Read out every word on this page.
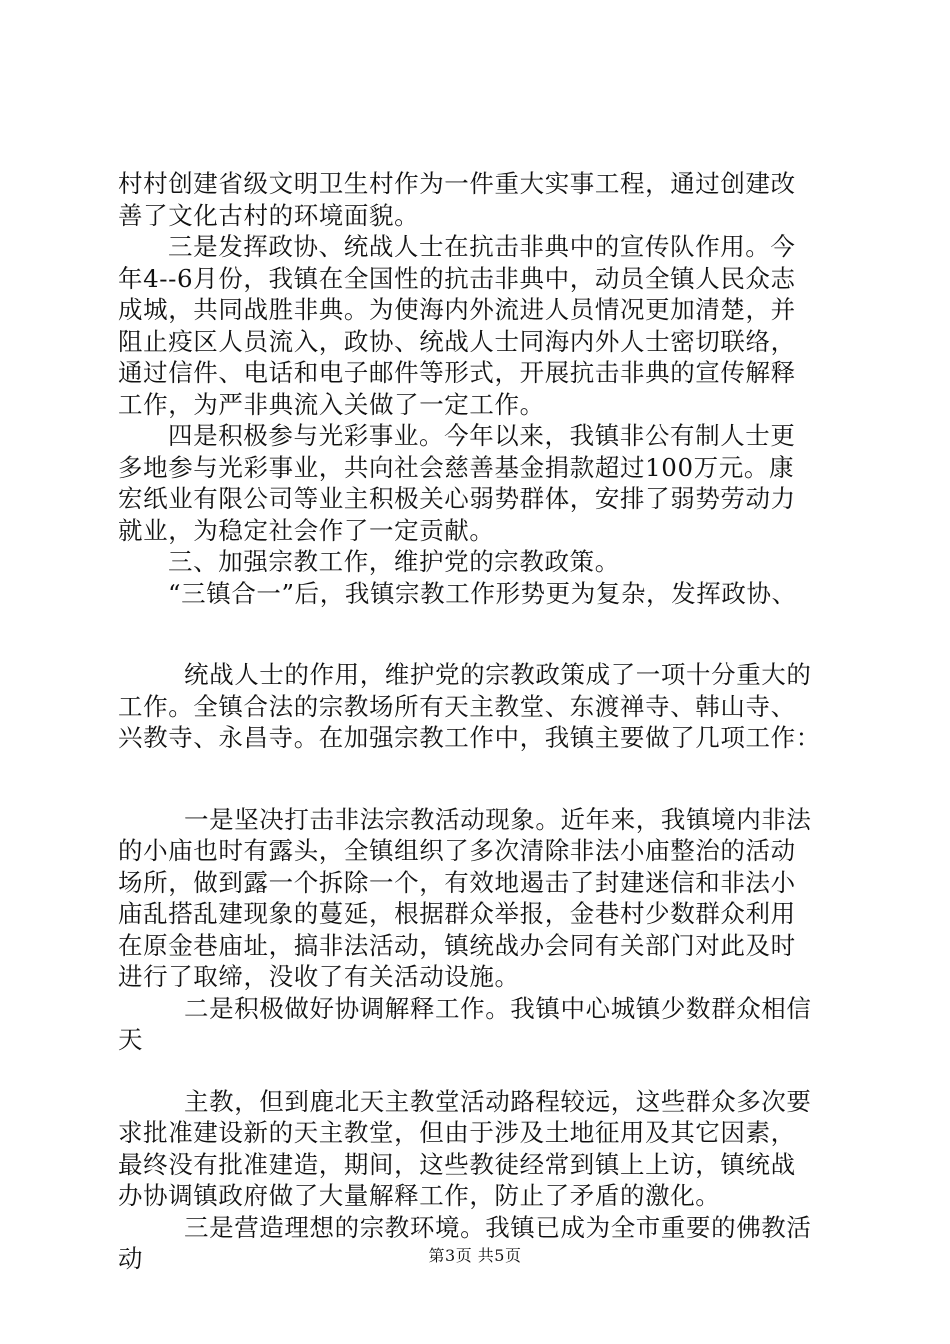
村村创建省级文明卫生村作为一件重大实事工程，通过创建改
善了文化古村的环境面貌。
三是发挥政协、统战人士在抗击非典中的宣传队作用。今
年4--6月份，我镇在全国性的抗击非典中，动员全镇人民众志
成城，共同战胜非典。为使海内外流进人员情况更加清楚，并
阻止疫区人员流入，政协、统战人士同海内外人士密切联络，
通过信件、电话和电子邮件等形式，开展抗击非典的宣传解释
工作，为严非典流入关做了一定工作。
四是积极参与光彩事业。今年以来，我镇非公有制人士更
多地参与光彩事业，共向社会慈善基金捐款超过100万元。康
宏纸业有限公司等业主积极关心弱势群体，安排了弱势劳动力
就业，为稳定社会作了一定贡献。
三、加强宗教工作，维护党的宗教政策。
“三镇合一”后，我镇宗教工作形势更为复杂，发挥政协、
统战人士的作用，维护党的宗教政策成了一项十分重大的
工作。全镇合法的宗教场所有天主教堂、东渡禅寺、韩山寺、
兴教寺、永昌寺。在加强宗教工作中，我镇主要做了几项工作：
一是坚决打击非法宗教活动现象。近年来，我镇境内非法
的小庙也时有露头，全镇组织了多次清除非法小庙整治的活动
场所，做到露一个拆除一个，有效地遏击了封建迷信和非法小
庙乱搭乱建现象的蔓延，根据群众举报，金巷村少数群众利用
在原金巷庙址，搞非法活动，镇统战办会同有关部门对此及时
进行了取缔，没收了有关活动设施。
二是积极做好协调解释工作。我镇中心城镇少数群众相信
天
主教，但到鹿北天主教堂活动路程较远，这些群众多次要
求批准建设新的天主教堂，但由于涉及土地征用及其它因素，
最终没有批准建造，期间，这些教徒经常到镇上上访，镇统战
办协调镇政府做了大量解释工作，防止了矛盾的激化。
三是营造理想的宗教环境。我镇已成为全市重要的佛教活
动	第3页 共5页
